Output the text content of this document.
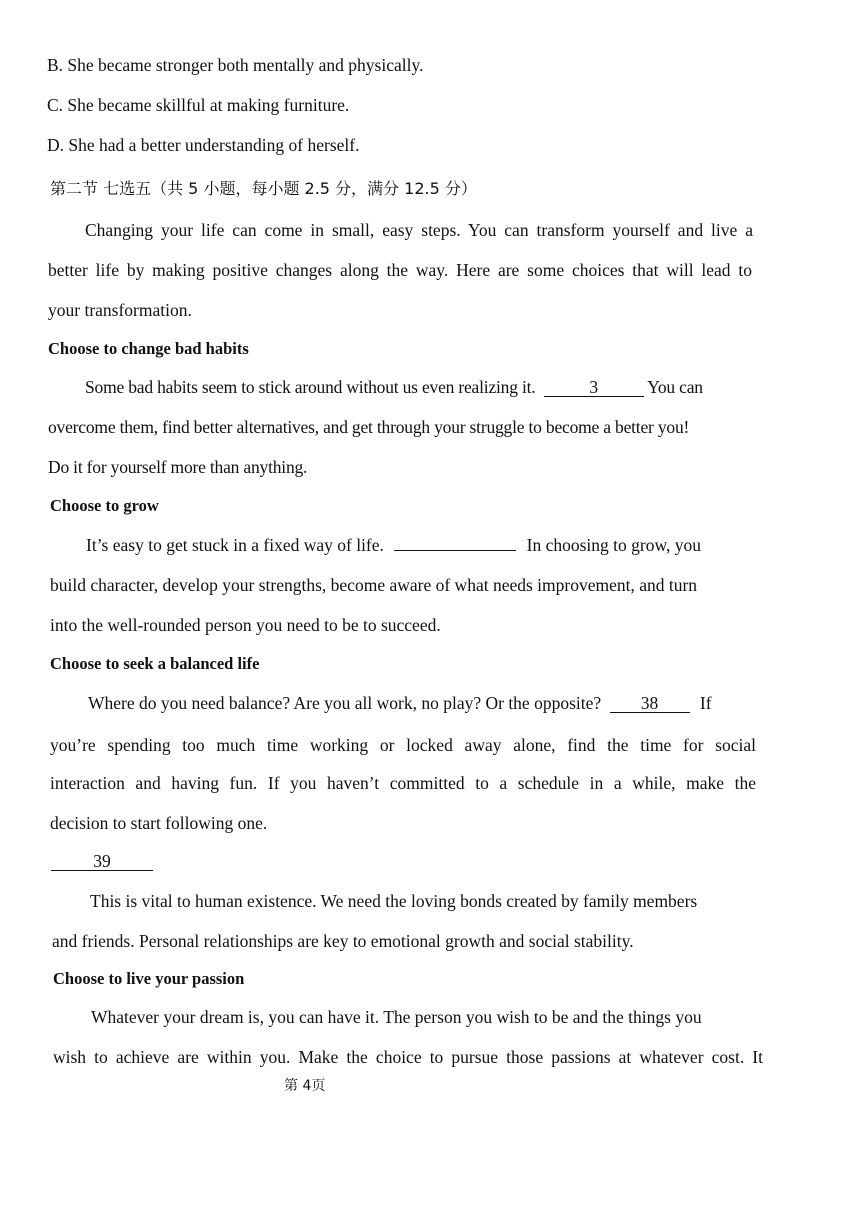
B. She became stronger both mentally and physically.
C. She became skillful at making furniture.
D. She had a better understanding of herself.
第二节 七选五（共 5 小题，每小题 2.5 分，满分 12.5 分）
Changing your life can come in small, easy steps. You can transform yourself and live a
better life by making positive changes along the way. Here are some choices that will lead to
your transformation.
Choose to change bad habits
Some bad habits seem to stick around without us even realizing it.	3	You can
overcome them, find better alternatives, and get through your struggle to become a better you!
Do it for yourself more than anything.
Choose to grow
It’s easy to get stuck in a fixed way of life.	In choosing to grow, you
build character, develop your strengths, become aware of what needs improvement, and turn
into the well-rounded person you need to be to succeed.
Choose to seek a balanced life
Where do you need balance? Are you all work, no play? Or the opposite? 38 If
you’re spending too much time working or locked away alone, find the time for social
interaction and having fun. If you haven’t committed to a schedule in a while, make the
decision to start following one.
39
This is vital to human existence. We need the loving bonds created by family members
and friends. Personal relationships are key to emotional growth and social stability.
Choose to live your passion
Whatever your dream is, you can have it. The person you wish to be and the things you
wish to achieve are within you. Make the choice to pursue those passions at whatever cost. It
第 4页
